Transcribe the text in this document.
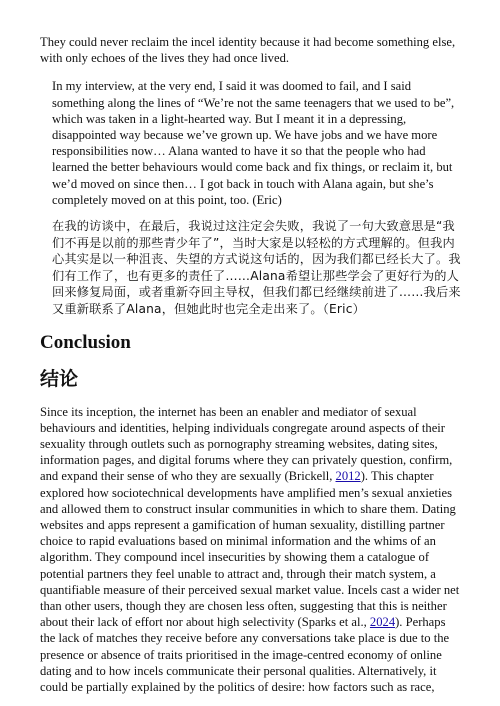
They could never reclaim the incel identity because it had become something else, with only echoes of the lives they had once lived.

In my interview, at the very end, I said it was doomed to fail, and I said something along the lines of “We’re not the same teenagers that we used to be”, which was taken in a light-hearted way. But I meant it in a depressing, disappointed way because we’ve grown up. We have jobs and we have more responsibilities now… Alana wanted to have it so that the people who had learned the better behaviours would come back and fix things, or reclaim it, but we’d moved on since then… I got back in touch with Alana again, but she’s completely moved on at this point, too. (Eric)

在我的访谈中，在最后，我说过这注定会失败，我说了一句大致意思是“我们不再是以前的那些青少年了”，当时大家是以轻松的方式理解的。但我内心其实是以一种沮丧、失望的方式说这句话的，因为我们都已经长大了。我们有工作了，也有更多的责任了……Alana希望让那些学会了更好行为的人回来修复局面，或者重新夺回主导权，但我们都已经继续前进了……我后来又重新联系了Alana，但她此时也完全走出来了。（Eric）

Conclusion
结论

Since its inception, the internet has been an enabler and mediator of sexual behaviours and identities, helping individuals congregate around aspects of their sexuality through outlets such as pornography streaming websites, dating sites, information pages, and digital forums where they can privately question, confirm, and expand their sense of who they are sexually (Brickell, 2012). This chapter explored how sociotechnical developments have amplified men’s sexual anxieties and allowed them to construct insular communities in which to share them. Dating websites and apps represent a gamification of human sexuality, distilling partner choice to rapid evaluations based on minimal information and the whims of an algorithm. They compound incel insecurities by showing them a catalogue of potential partners they feel unable to attract and, through their match system, a quantifiable measure of their perceived sexual market value. Incels cast a wider net than other users, though they are chosen less often, suggesting that this is neither about their lack of effort nor about high selectivity (Sparks et al., 2024). Perhaps the lack of matches they receive before any conversations take place is due to the presence or absence of traits prioritised in the image-centred economy of online dating and to how incels communicate their personal qualities. Alternatively, it could be partially explained by the politics of desire: how factors such as race,
